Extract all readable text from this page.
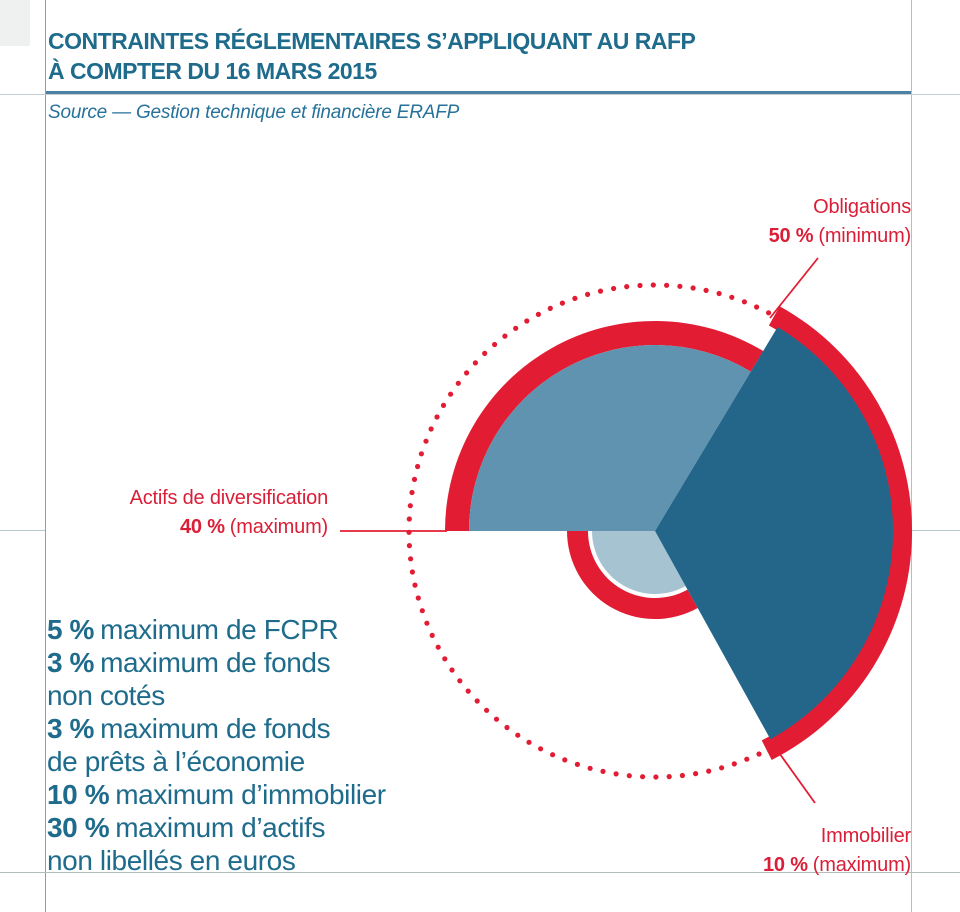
CONTRAINTES RÉGLEMENTAIRES S’APPLIQUANT AU RAFP
À COMPTER DU 16 MARS 2015
Source — Gestion technique et financière ERAFP
Obligations
50 % (minimum)
Actifs de diversification
40 % (maximum)
Immobilier
10 % (maximum)
5 % maximum de FCPR
3 % maximum de fonds
non cotés
3 % maximum de fonds
de prêts à l’économie
10 % maximum d’immobilier
30 % maximum d’actifs
non libellés en euros
